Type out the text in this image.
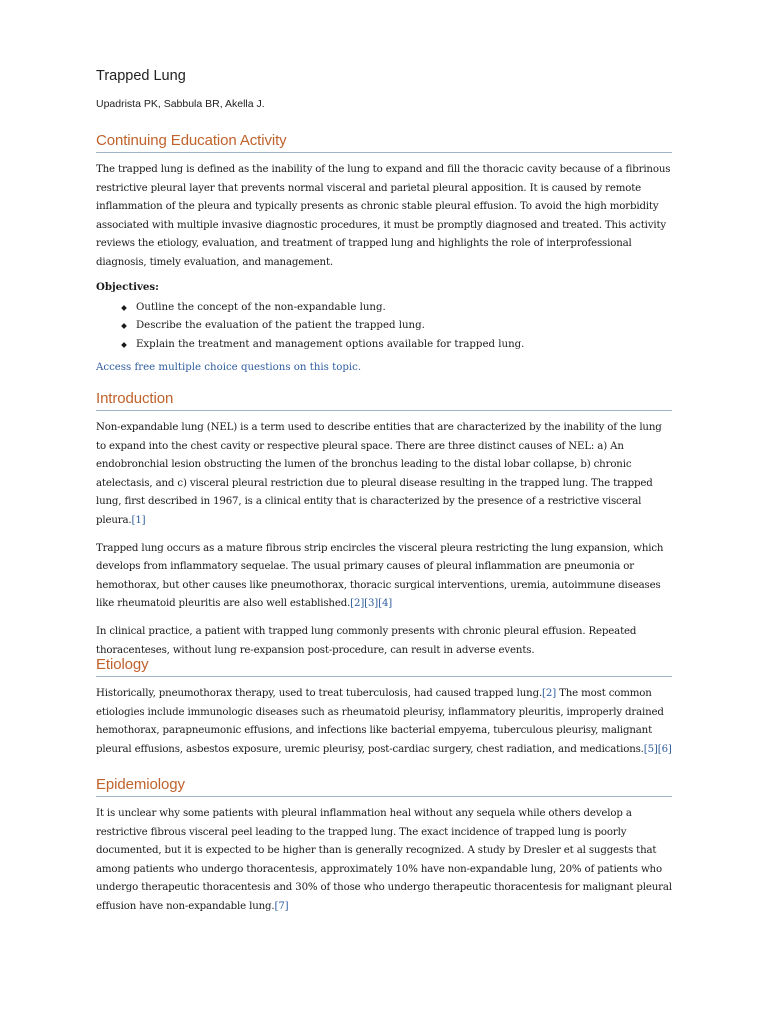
Trapped Lung
Upadrista PK, Sabbula BR, Akella J.
Continuing Education Activity

The trapped lung is defined as the inability of the lung to expand and fill the thoracic cavity because of a fibrinous restrictive pleural layer that prevents normal visceral and parietal pleural apposition. It is caused by remote inflammation of the pleura and typically presents as chronic stable pleural effusion. To avoid the high morbidity associated with multiple invasive diagnostic procedures, it must be promptly diagnosed and treated. This activity reviews the etiology, evaluation, and treatment of trapped lung and highlights the role of interprofessional diagnosis, timely evaluation, and management.

Objectives:
Outline the concept of the non-expandable lung.
Describe the evaluation of the patient the trapped lung.
Explain the treatment and management options available for trapped lung.
Access free multiple choice questions on this topic.
Introduction

Non-expandable lung (NEL) is a term used to describe entities that are characterized by the inability of the lung to expand into the chest cavity or respective pleural space. There are three distinct causes of NEL: a) An endobronchial lesion obstructing the lumen of the bronchus leading to the distal lobar collapse, b) chronic atelectasis, and c) visceral pleural restriction due to pleural disease resulting in the trapped lung. The trapped lung, first described in 1967, is a clinical entity that is characterized by the presence of a restrictive visceral pleura.[1]

Trapped lung occurs as a mature fibrous strip encircles the visceral pleura restricting the lung expansion, which develops from inflammatory sequelae. The usual primary causes of pleural inflammation are pneumonia or hemothorax, but other causes like pneumothorax, thoracic surgical interventions, uremia, autoimmune diseases like rheumatoid pleuritis are also well established.[2][3][4]

In clinical practice, a patient with trapped lung commonly presents with chronic pleural effusion. Repeated thoracenteses, without lung re-expansion post-procedure, can result in adverse events.

Etiology

Historically, pneumothorax therapy, used to treat tuberculosis, had caused trapped lung.[2] The most common etiologies include immunologic diseases such as rheumatoid pleurisy, inflammatory pleuritis, improperly drained hemothorax, parapneumonic effusions, and infections like bacterial empyema, tuberculous pleurisy, malignant pleural effusions, asbestos exposure, uremic pleurisy, post-cardiac surgery, chest radiation, and medications.[5][6]

Epidemiology

It is unclear why some patients with pleural inflammation heal without any sequela while others develop a restrictive fibrous visceral peel leading to the trapped lung. The exact incidence of trapped lung is poorly documented, but it is expected to be higher than is generally recognized. A study by Dresler et al suggests that among patients who undergo thoracentesis, approximately 10% have non-expandable lung, 20% of patients who undergo therapeutic thoracentesis and 30% of those who undergo therapeutic thoracentesis for malignant pleural effusion have non-expandable lung.[7]
